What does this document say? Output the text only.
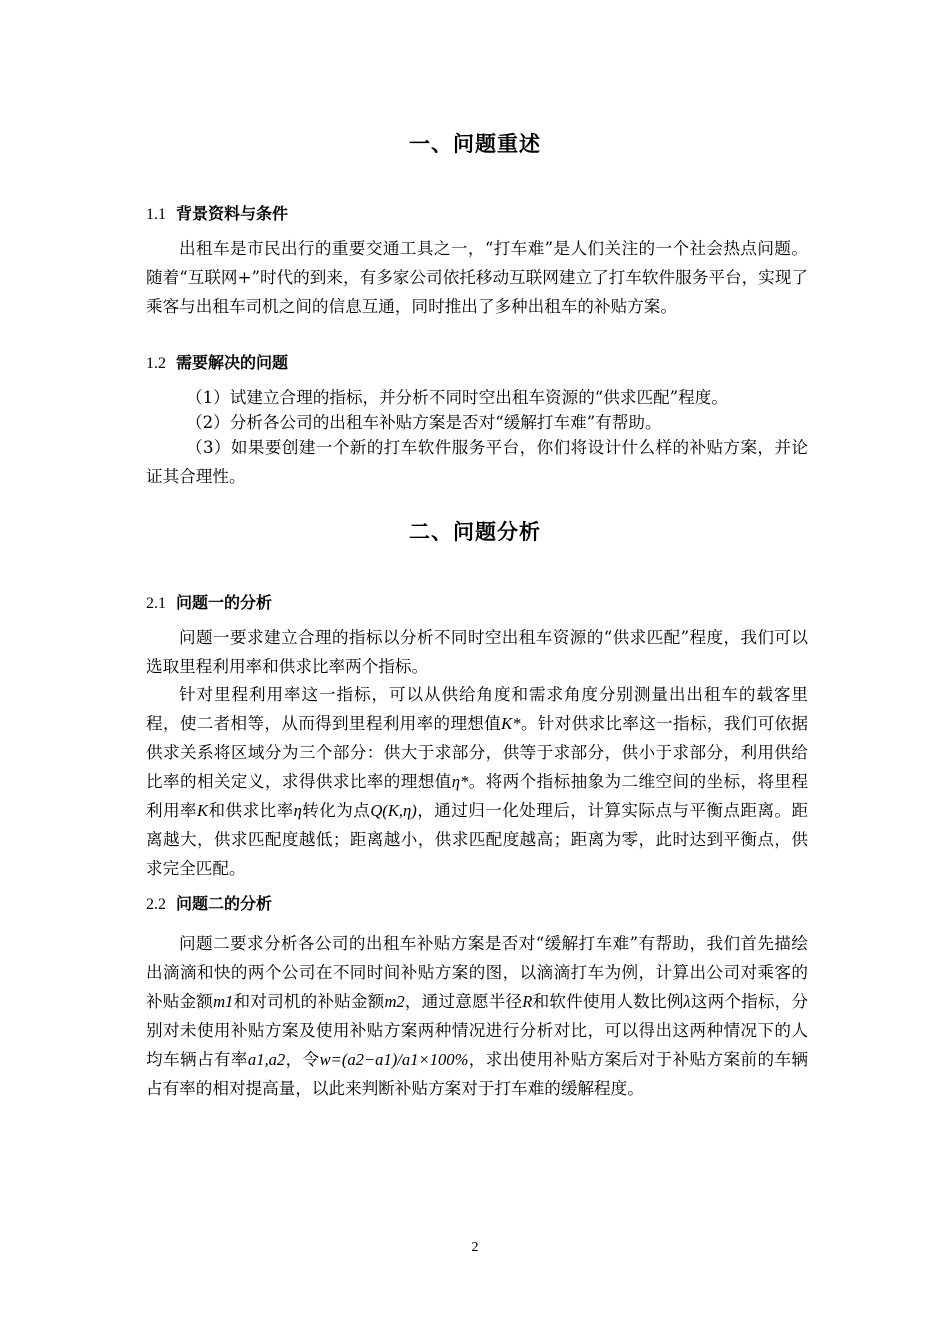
一、问题重述
1.1 背景资料与条件

出租车是市民出行的重要交通工具之一，“打车难”是人们关注的一个社会热点问题。随着“互联网+”时代的到来，有多家公司依托移动互联网建立了打车软件服务平台，实现了乘客与出租车司机之间的信息互通，同时推出了多种出租车的补贴方案。

1.2 需要解决的问题

（1）试建立合理的指标，并分析不同时空出租车资源的“供求匹配”程度。

（2）分析各公司的出租车补贴方案是否对“缓解打车难”有帮助。

（3）如果要创建一个新的打车软件服务平台，你们将设计什么样的补贴方案，并论证其合理性。

二、问题分析
2.1 问题一的分析

问题一要求建立合理的指标以分析不同时空出租车资源的“供求匹配”程度，我们可以选取里程利用率和供求比率两个指标。

针对里程利用率这一指标，可以从供给角度和需求角度分别测量出出租车的载客里程，使二者相等，从而得到里程利用率的理想值K*。针对供求比率这一指标，我们可依据供求关系将区域分为三个部分：供大于求部分，供等于求部分，供小于求部分，利用供给比率的相关定义，求得供求比率的理想值η*。将两个指标抽象为二维空间的坐标，将里程利用率K和供求比率η转化为点Q(K,η)，通过归一化处理后，计算实际点与平衡点距离。距离越大，供求匹配度越低；距离越小，供求匹配度越高；距离为零，此时达到平衡点，供求完全匹配。

2.2 问题二的分析

问题二要求分析各公司的出租车补贴方案是否对“缓解打车难”有帮助，我们首先描绘出滴滴和快的两个公司在不同时间补贴方案的图，以滴滴打车为例，计算出公司对乘客的补贴金额m1和对司机的补贴金额m2，通过意愿半径R和软件使用人数比例λ这两个指标，分别对未使用补贴方案及使用补贴方案两种情况进行分析对比，可以得出这两种情况下的人均车辆占有率a1,a2，令w=(a2−a1)/a1×100%，求出使用补贴方案后对于补贴方案前的车辆占有率的相对提高量，以此来判断补贴方案对于打车难的缓解程度。

2
